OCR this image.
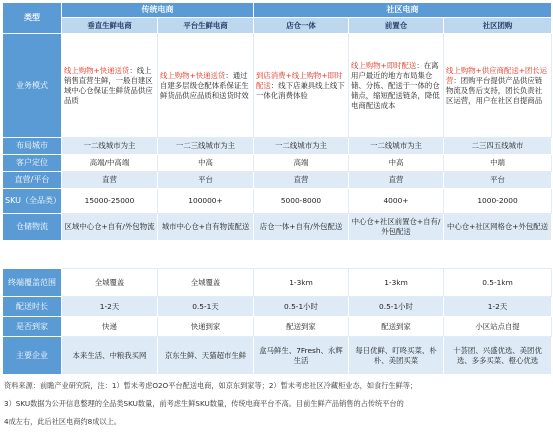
类型	传统电商		社区电商		
	垂直生鲜电商	平台生鲜电商	店仓一体	前置仓	社区团购
业务模式	线上购物+快递送货：线上销售直营生鲜，一般自建区域中心仓保证生鲜货品供应品质	线上购物+快递送货：通过自建多层级仓配体系保证生鲜货品供应品质和送货时效	到店消费+线上购物+即时配送：线下店兼具线上线下一体化消费体验	线上购物+即时配送：在离用户最近的地方布局集仓储、分拣、配送于一体的仓储点，缩短配送链条，降低电商配送成本	线上购物+供应商配送+团长运营：团购平台提供产品供应链物流及售后支持，团长负责社区运营，用户在社区自提商品
布局城市	一二线城市为主	一二三线城市为主	一二线城市为主	一二线城市为主	二三四五线城市
客户定位	高端/中高端	中高	高端	中高	中端
直营/平台	直营	平台	直营	直营	平台
SKU（全品类）	15000-25000	100000+	5000-8000	4000+	1000-2000
仓储物流	区域中心仓+自有/外包物流	城市中心仓+自有物流配送	店仓一体+自有/外包配送	中心仓+社区前置仓+自有/外包配送	中心仓+社区网格仓+外包配送
终端覆盖范围	全城覆盖	全城覆盖	1-3km	1-3km	0.5-1km
配送时长	1-2天	0.5-1天	0.5-1小时	0.5-1小时	1-2天
是否到家	快递	快递到家	配送到家	配送到家	小区站点自提
主要企业	本来生活、中粮我买网	京东生鲜、天猫超市生鲜	盒马鲜生、7Fresh、永辉生活	每日优鲜、叮咚买菜、朴朴、美团买菜	十荟团、兴盛优选、美团优选、多多买菜、橙心优选
资料来源：前瞻产业研究院，注：1）暂未考虑O2O平台配送电商，如京东到家等；2）暂未考虑社区冷藏柜业态，如食行生鲜等；
3）SKU数据为公开信息整理的全品类SKU数量，前考虑生鲜SKU数量，传统电商平台不高。目前生鲜产品销售的占传统平台的
4成左右，此后社区电商约8成以上。
